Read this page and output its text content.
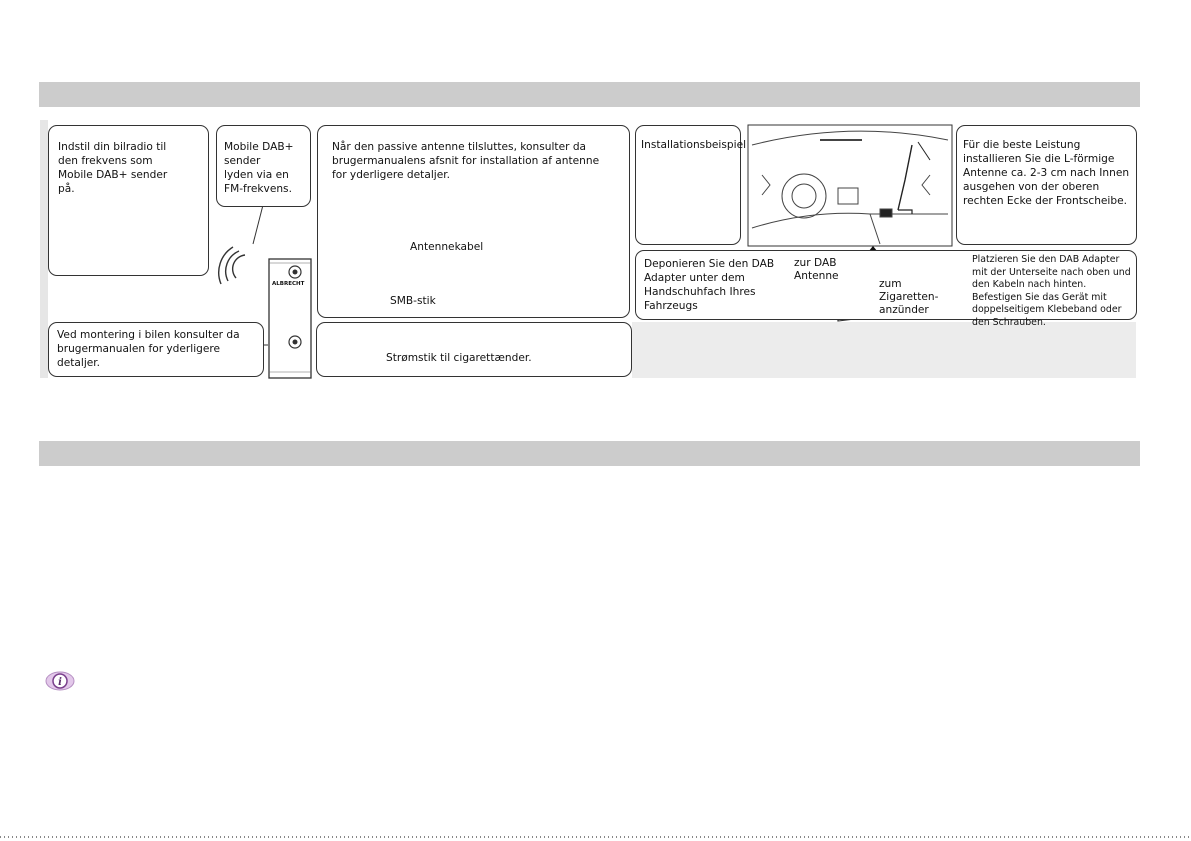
Indstil din bilradio til den frekvens som Mobile DAB+ sender på.
Mobile DAB+
sender
lyden via en
FM-frekvens.
Når den passive antenne tilsluttes, konsulter da brugermanualens afsnit for installation af antenne for yderligere detaljer.
Ved montering i bilen konsulter da brugermanualen for yderligere detaljer.
Antennekabel
SMB-stik
Strømstik til cigarettænder.
ALBRECHT
Installationsbeispiel	Für die beste Leistung installieren Sie die L-förmige Antenne ca. 2-3 cm nach Innen ausgehen von der oberen rechten Ecke der Frontscheibe.
Deponieren Sie den DAB Adapter unter dem Handschuhfach Ihres Fahrzeugs
Platzieren Sie den DAB Adapter mit der Unterseite nach oben und den Kabeln nach hinten. Befestigen Sie das Gerät mit doppelseitigem Klebeband oder den Schrauben.
zur DAB
Antenne
zum
Zigaretten-
anzünder
i
